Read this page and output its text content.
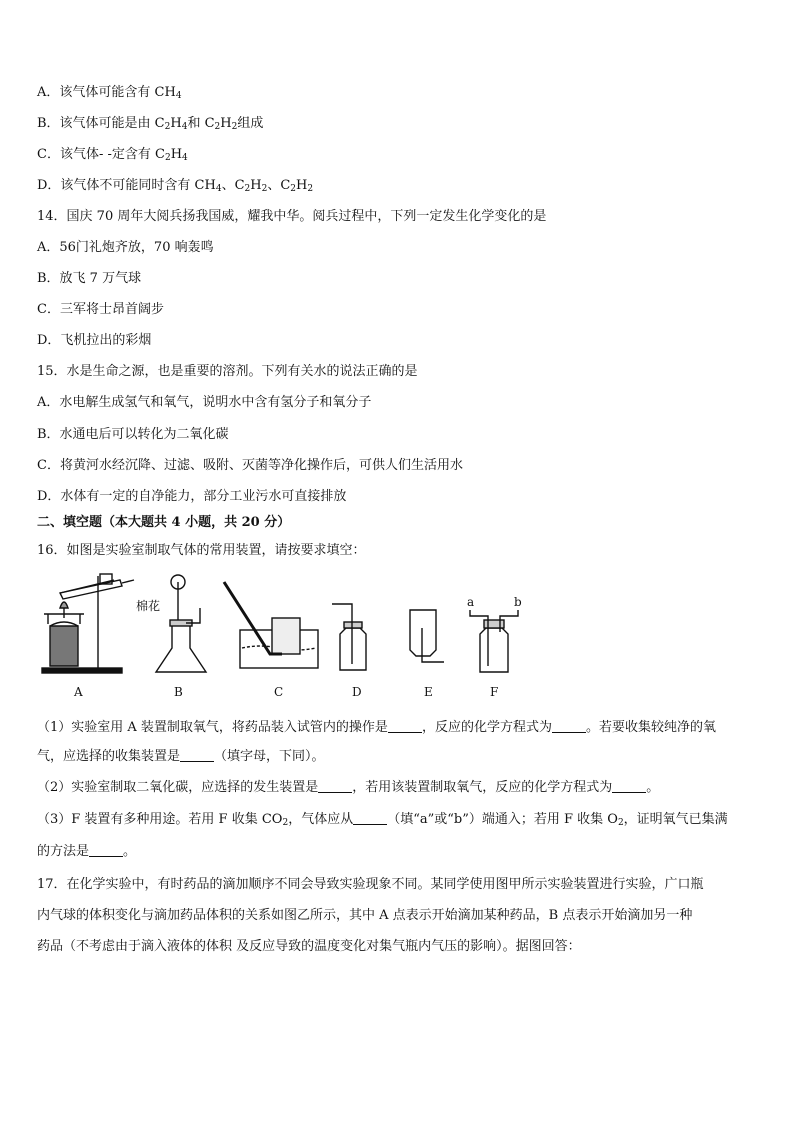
A．该气体可能含有 $CH_4$
B．该气体可能是由 $C_2H_4$和 $C_2H_2$组成
C．该气体- -定含有 $C_2H_4$
D．该气体不可能同时含有 $CH_4$、$C_2H_2$、$C_2H_2$
14．国庆 70 周年大阅兵扬我国威，耀我中华。阅兵过程中，下列一定发生化学变化的是
A．56门礼炮齐放，70 响轰鸣
B．放飞 7 万气球
C．三军将士昂首阔步
D．飞机拉出的彩烟
15．水是生命之源，也是重要的溶剂。下列有关水的说法正确的是
A．水电解生成氢气和氧气，说明水中含有氢分子和氧分子
B．水通电后可以转化为二氧化碳
C．将黄河水经沉降、过滤、吸附、灭菌等净化操作后，可供人们生活用水
D．水体有一定的自净能力，部分工业污水可直接排放
二、填空题（本大题共 4 小题，共 20 分）
16．如图是实验室制取气体的常用装置，请按要求填空：
棉花	a	b
A	B	C	D	E	F
（1）实验室用 A 装置制取氧气，将药品装入试管内的操作是	，反应的化学方程式为	。若要收集较纯净的氧
气，应选择的收集装置是	（填字母，下同）。
（2）实验室制取二氧化碳，应选择的发生装置是	，若用该装置制取氧气，反应的化学方程式为	。
（3）F 装置有多种用途。若用 F 收集 $CO_2$，气体应从	（填“a”或“b”）端通入；若用 F 收集 $O_2$，证明氧气已集满
的方法是	。
17．在化学实验中，有时药品的滴加顺序不同会导致实验现象不同。某同学使用图甲所示实验装置进行实验，广口瓶
内气球的体积变化与滴加药品体积的关系如图乙所示，其中 A 点表示开始滴加某种药品，B 点表示开始滴加另一种
药品（不考虑由于滴入液体的体积 及反应导致的温度变化对集气瓶内气压的影响）。据图回答：
